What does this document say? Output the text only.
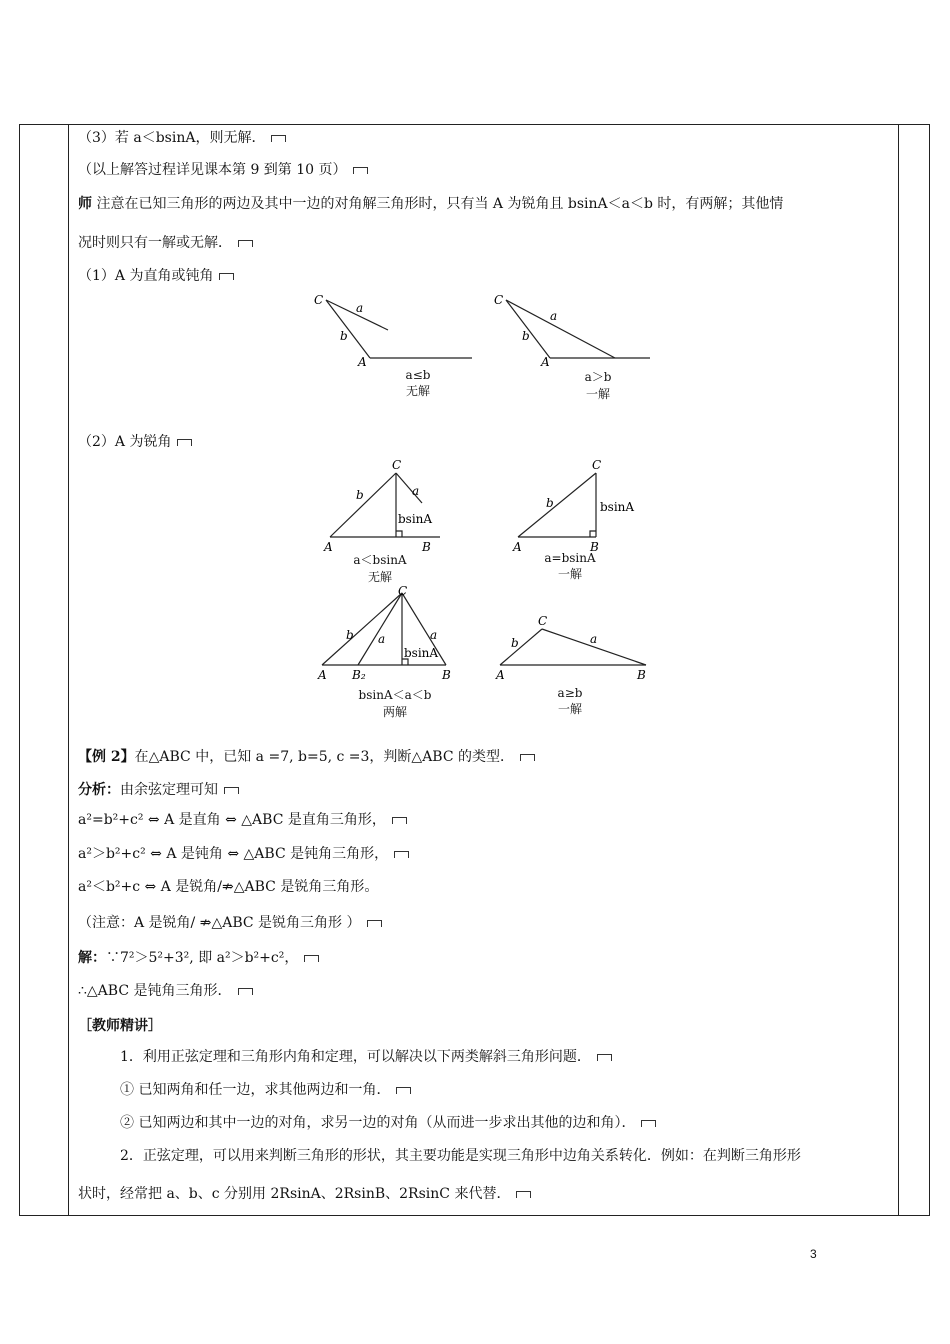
（3）若 a＜bsinA，则无解．
（以上解答过程详见课本第 9 到第 10 页）
师 注意在已知三角形的两边及其中一边的对角解三角形时，只有当 A 为锐角且 bsinA＜a＜b 时，有两解；其他情
况时则只有一解或无解．
（1）A 为直角或钝角
C
b
a
A
C
b
a
A
a≤b
无解
a＞b
一解
（2）A 为锐角
C
b	a
bsinA
A	B
C
b	bsinA
A	B
a＜bsinA
无解
a=bsinA
一解
C
b a	a
bsinA
A B₂	B
C
b	a
A	B
bsinA＜a＜b
两解
a≥b
一解
【例 2】在△ABC 中，已知 a =7, b=5, c =3，判断△ABC 的类型．
分析：由余弦定理可知
a²=b²+c² ⇔ A 是直角 ⇔ △ABC 是直角三角形，
a²＞b²+c² ⇔ A 是钝角 ⇔ △ABC 是钝角三角形，
a²＜b²+c ⇔ A 是锐角/⇏△ABC 是锐角三角形。
（注意：A 是锐角/ ⇏△ABC 是锐角三角形 ）
解：∵7²＞5²+3², 即 a²＞b²+c²，
∴△ABC 是钝角三角形．
［教师精讲］
1．利用正弦定理和三角形内角和定理，可以解决以下两类解斜三角形问题．
① 已知两角和任一边，求其他两边和一角．
② 已知两边和其中一边的对角，求另一边的对角（从而进一步求出其他的边和角）．
2．正弦定理，可以用来判断三角形的形状，其主要功能是实现三角形中边角关系转化．例如：在判断三角形形
状时，经常把 a、b、c 分别用 2RsinA、2RsinB、2RsinC 来代替．
3
